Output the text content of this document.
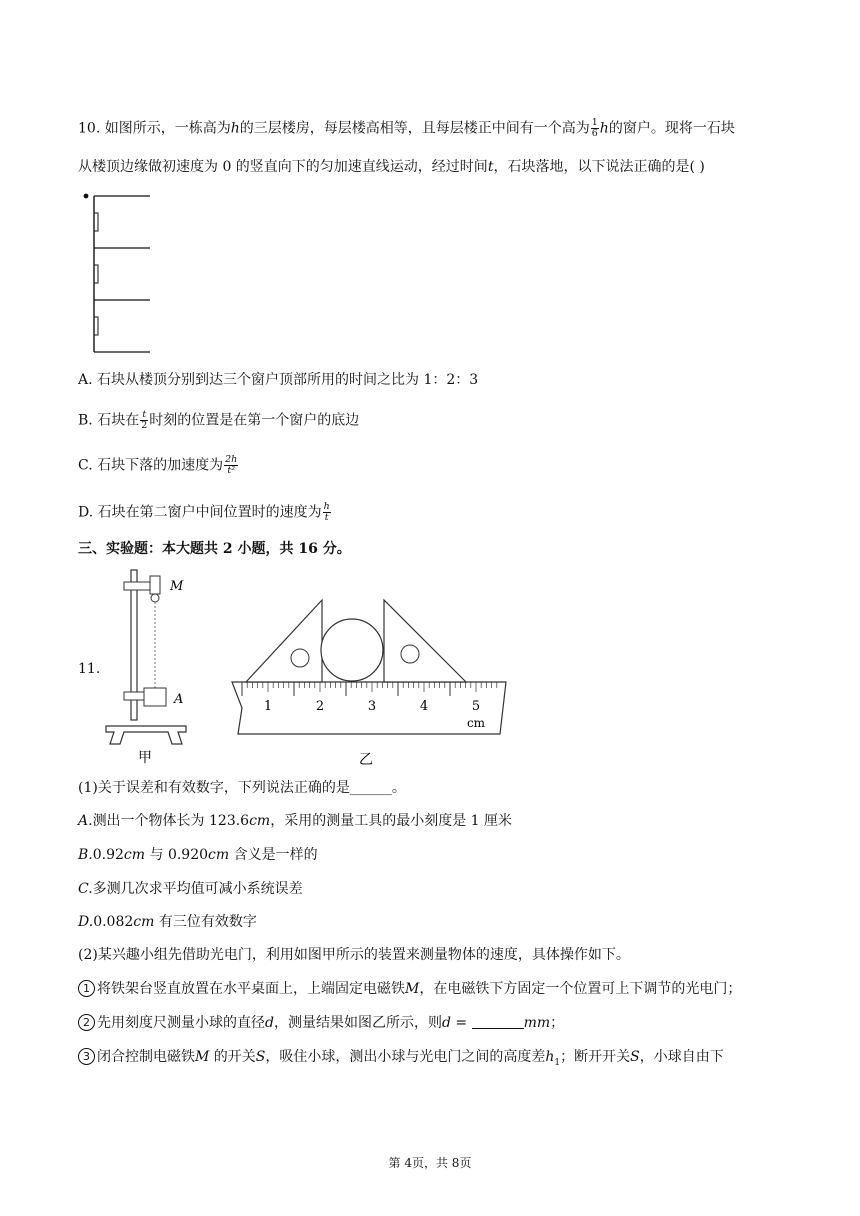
10. 如图所示，一栋高为h的三层楼房，每层楼高相等，且每层楼正中间有一个高为 $\frac{1}{6}$ h的窗户。现将一石块
从楼顶边缘做初速度为 0 的竖直向下的匀加速直线运动，经过时间t，石块落地，以下说法正确的是( )
A. 石块从楼顶分别到达三个窗户顶部所用的时间之比为 1：2：3
B. 石块在 $\frac{t}{2}$ 时刻的位置是在第一个窗户的底边
C. 石块下落的加速度为 $\frac{2h}{\text{t²}}$
D. 石块在第二窗户中间位置时的速度为 $\frac{h}{t}$
三、实验题：本大题共 2 小题，共 16 分。
11.
M
A
甲
1	2	3	4	5
cm
乙
(1)关于误差和有效数字，下列说法正确的是______。
A.测出一个物体长为 123.6cm，采用的测量工具的最小刻度是 1 厘米
B.0.92cm 与 0.920cm 含义是一样的
C.多测几次求平均值可减小系统误差
D.0.082cm 有三位有效数字
(2)某兴趣小组先借助光电门，利用如图甲所示的装置来测量物体的速度，具体操作如下。
1 将铁架台竖直放置在水平桌面上，上端固定电磁铁M，在电磁铁下方固定一个位置可上下调节的光电门；
2 先用刻度尺测量小球的直径d，测量结果如图乙所示，则d =	mm；
3 闭合控制电磁铁M 的开关S，吸住小球，测出小球与光电门之间的高度差$h_1$；断开开关S，小球自由下
第 4页，共 8页
